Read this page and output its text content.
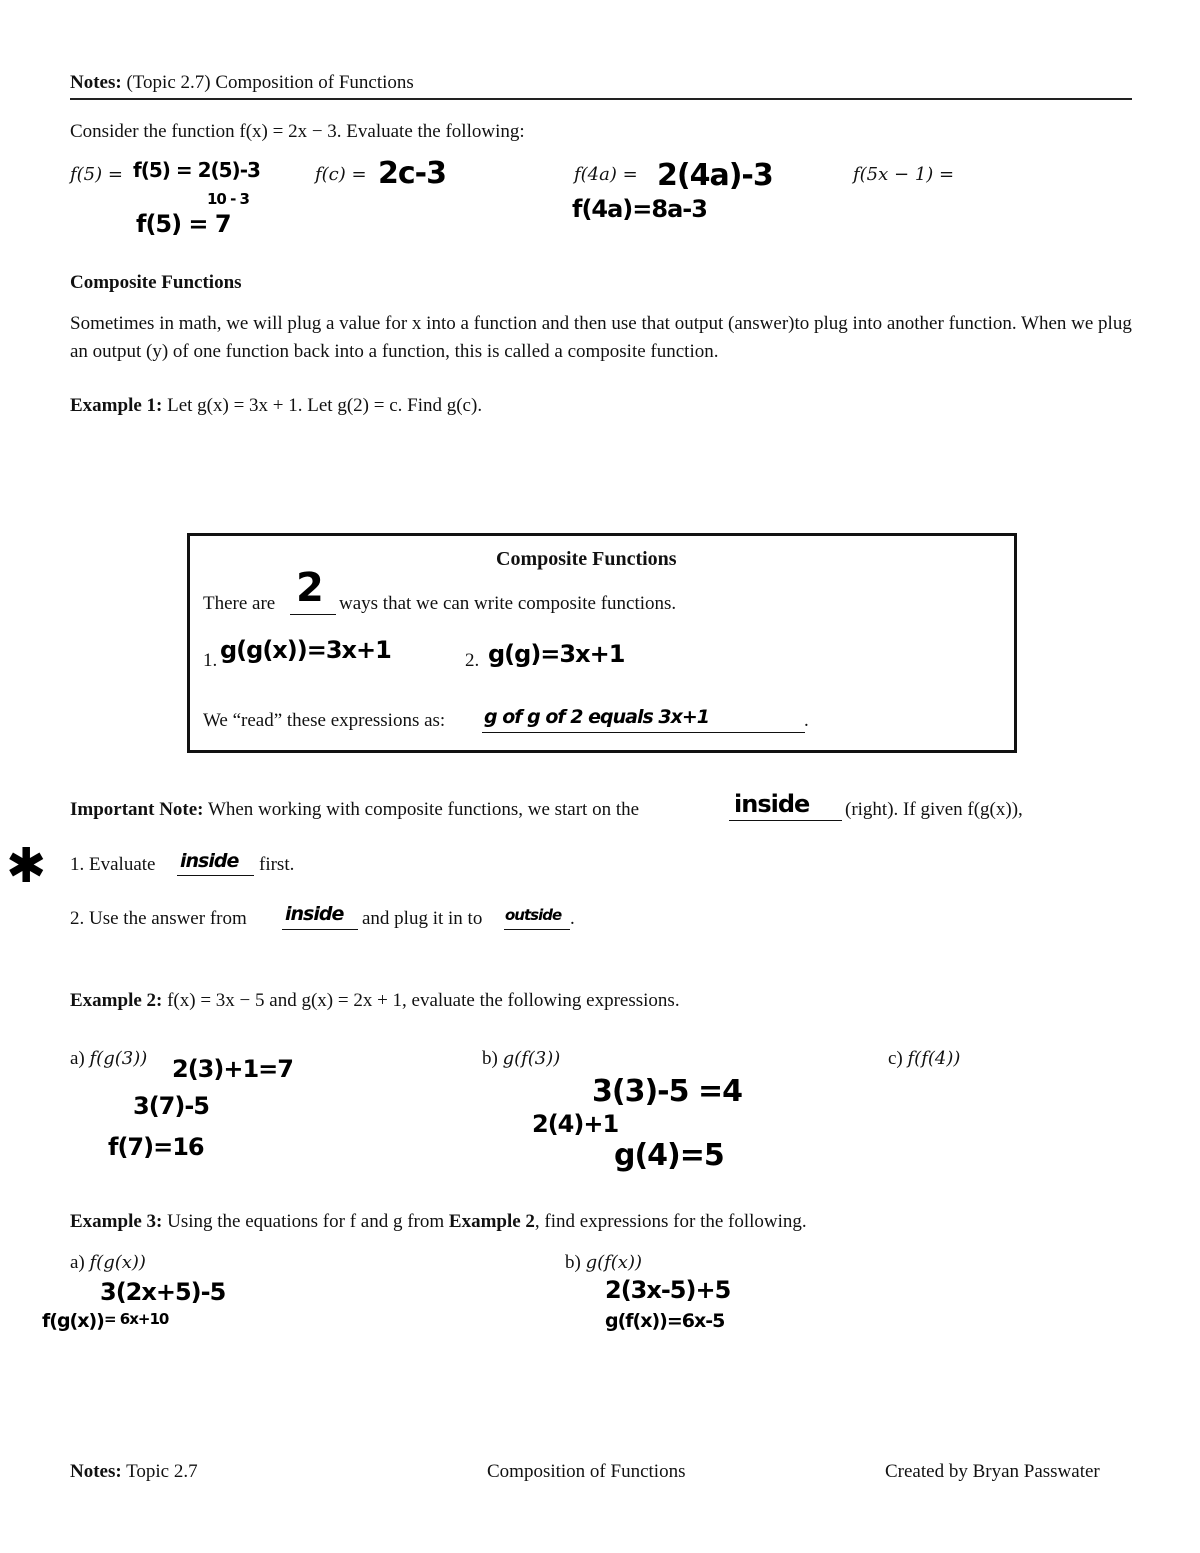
Notes: (Topic 2.7) Composition of Functions
Consider the function f(x) = 2x − 3. Evaluate the following:
f(5) = f(5) = 2(5)-3
10 - 3
f(5) = 7
f(c) = 2c-3	f(4a) = 2(4a)-3
f(4a)=8a-3
f(5x − 1) =
Composite Functions
Sometimes in math, we will plug a value for x into a function and then use that output (answer)to plug into another function. When we plug an output (y) of one function back into a function, this is called a composite function.
Example 1: Let g(x) = 3x + 1. Let g(2) = c. Find g(c).
Composite Functions
There are 2 ways that we can write composite functions.
1. g(g(x))=3x+1	2. g(g)=3x+1
We “read” these expressions as: g of g of 2 equals 3x+1	.
Important Note: When working with composite functions, we start on the	inside (right). If given f(g(x)),
✱ 1. Evaluate inside first.
2. Use the answer from inside and plug it in to outside .
Example 2: f(x) = 3x − 5 and g(x) = 2x + 1, evaluate the following expressions.
a) f(g(3)) 2(3)+1=7
3(7)-5
f(7)=16
b) g(f(3))
3(3)-5 =4
2(4)+1
g(4)=5
c) f(f(4))
Example 3: Using the equations for f and g from Example 2, find expressions for the following.
a) f(g(x))
3(2x+5)-5
f(g(x)) = 6x+10
b) g(f(x))
2(3x-5)+5
g(f(x))=6x-5
Notes: Topic 2.7	Composition of Functions	Created by Bryan Passwater
